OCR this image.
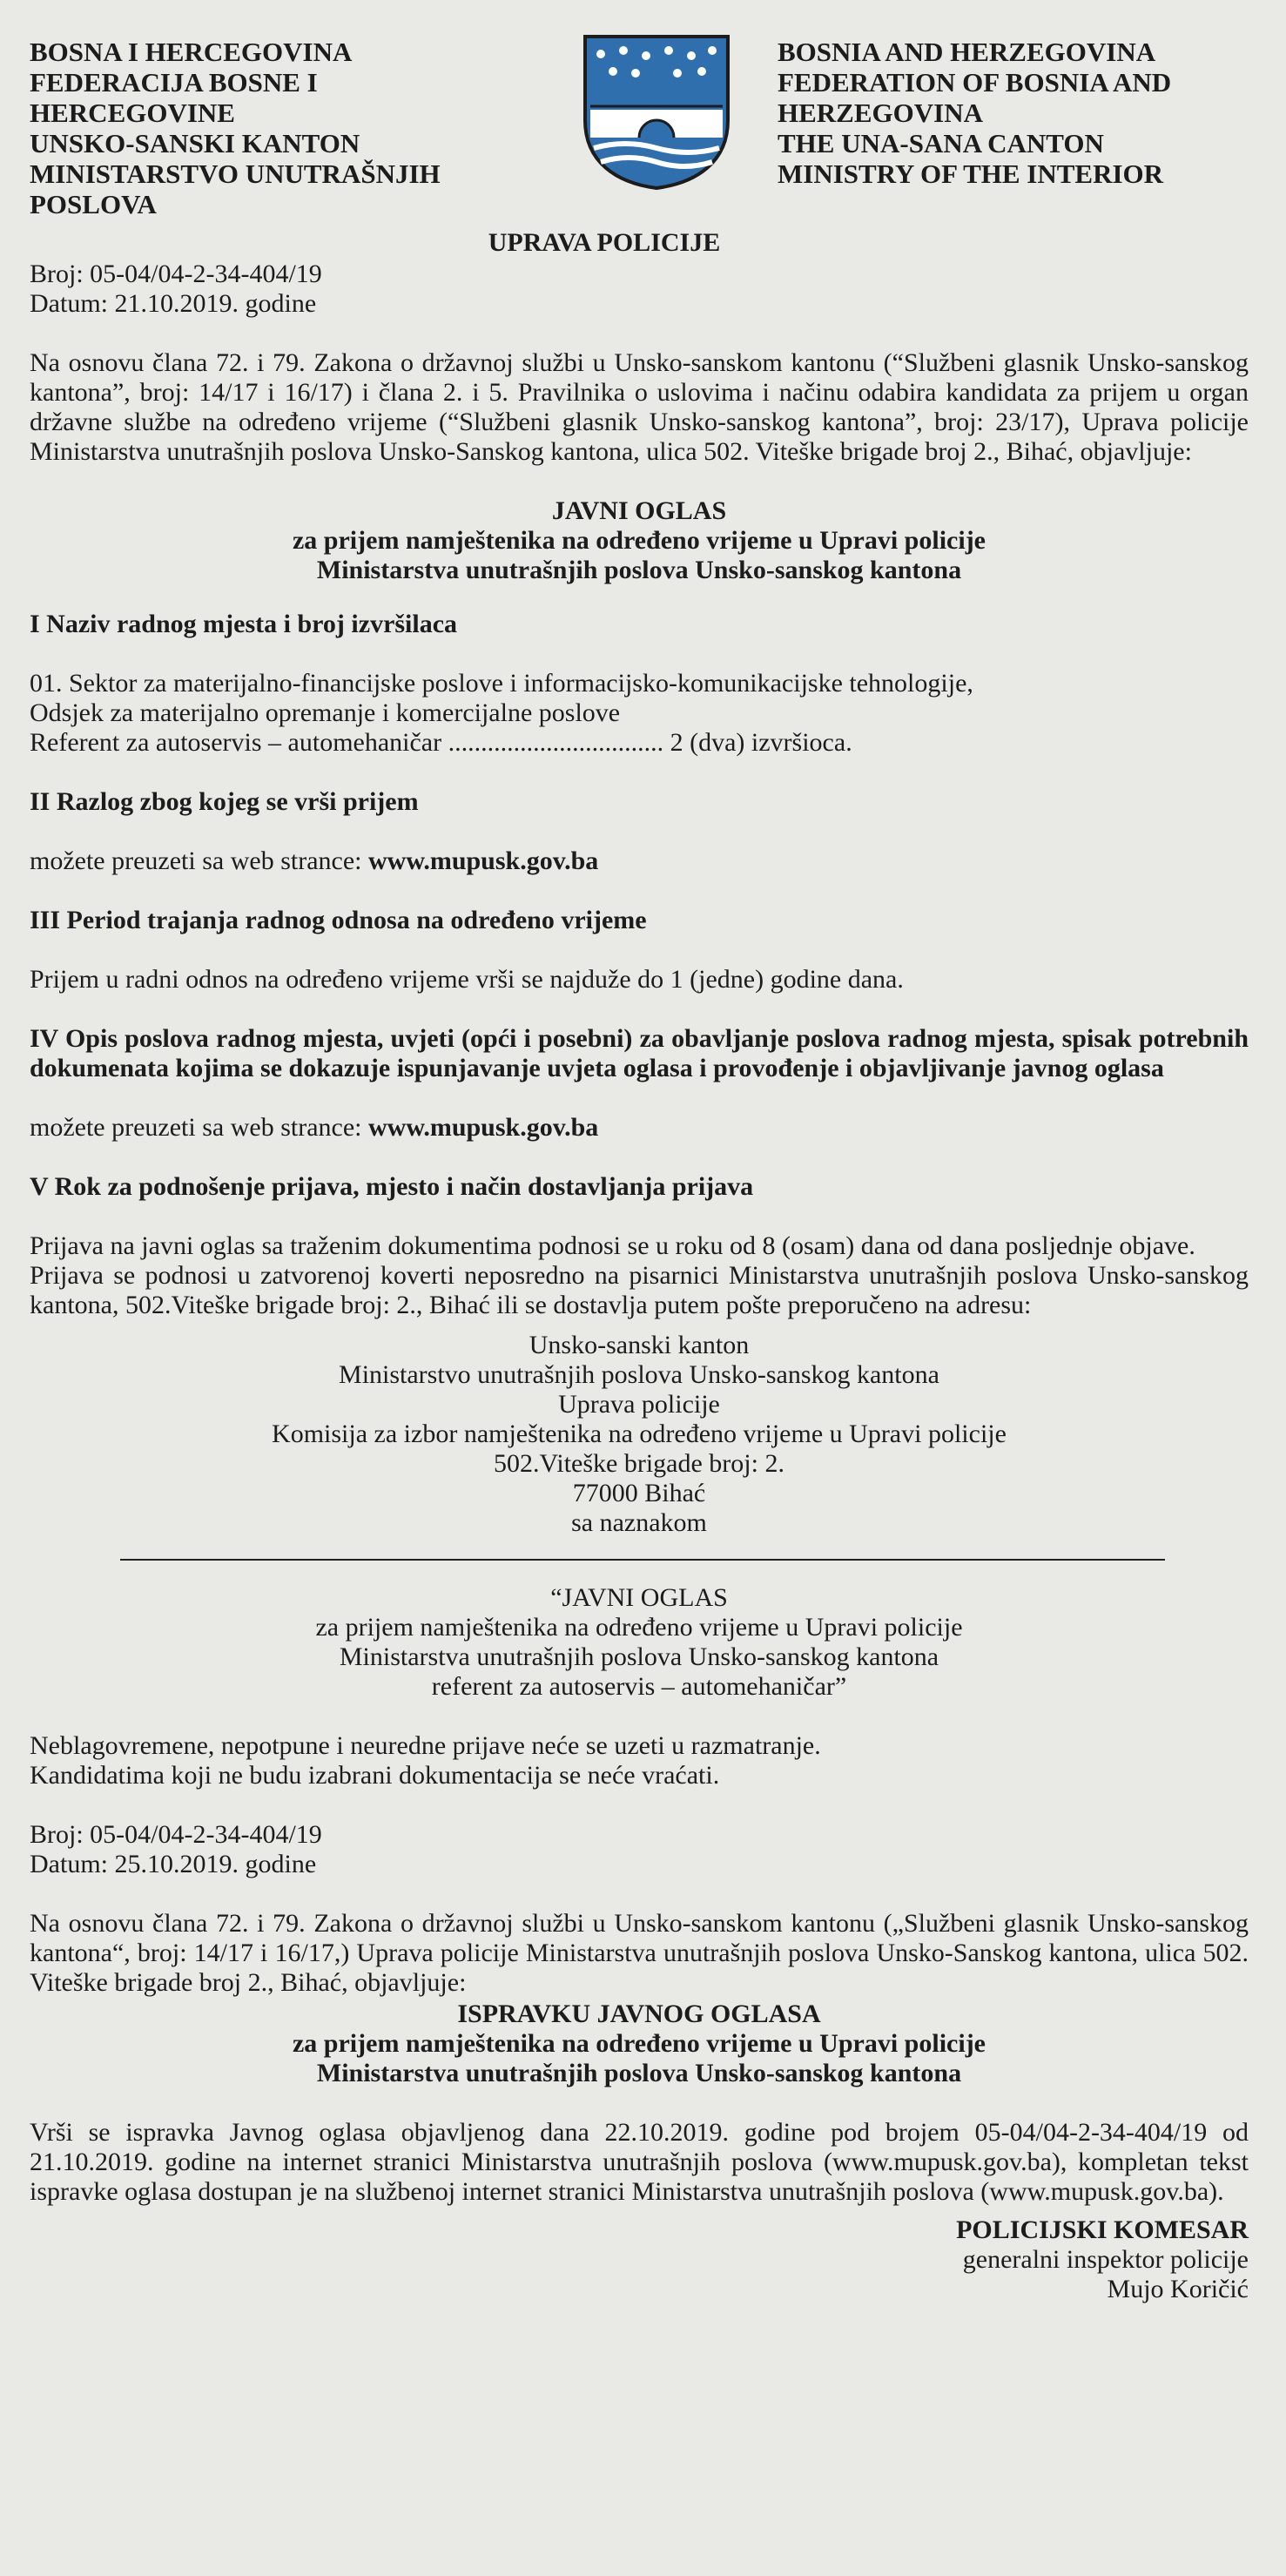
BOSNA I HERCEGOVINA
FEDERACIJA BOSNE I
HERCEGOVINE
UNSKO-SANSKI KANTON
MINISTARSTVO UNUTRAŠNJIH
POSLOVA
BOSNIA AND HERZEGOVINA
FEDERATION OF BOSNIA AND
HERZEGOVINA
THE UNA-SANA CANTON
MINISTRY OF THE INTERIOR

UPRAVA POLICIJE

Broj: 05-04/04-2-34-404/19

Datum: 21.10.2019. godine

Na osnovu člana 72. i 79. Zakona o državnoj službi u Unsko-sanskom kantonu (“Službeni glasnik Unsko-sanskog kantona”, broj: 14/17 i 16/17) i člana 2. i 5. Pravilnika o uslovima i načinu odabira kandidata za prijem u organ državne službe na određeno vrijeme (“Službeni glasnik Unsko-sanskog kantona”, broj: 23/17), Uprava policije Ministarstva unutrašnjih poslova Unsko-Sanskog kantona, ulica 502. Viteške brigade broj 2., Bihać, objavljuje:

JAVNI OGLAS

za prijem namještenika na određeno vrijeme u Upravi policije

Ministarstva unutrašnjih poslova Unsko-sanskog kantona

I Naziv radnog mjesta i broj izvršilaca

01. Sektor za materijalno-financijske poslove i informacijsko-komunikacijske tehnologije,
Odsjek za materijalno opremanje i komercijalne poslove
Referent za autoservis – automehaničar ................................. 2 (dva) izvršioca.

II Razlog zbog kojeg se vrši prijem

možete preuzeti sa web strance: www.mupusk.gov.ba

III Period trajanja radnog odnosa na određeno vrijeme

Prijem u radni odnos na određeno vrijeme vrši se najduže do 1 (jedne) godine dana.

IV Opis poslova radnog mjesta, uvjeti (opći i posebni) za obavljanje poslova radnog mjesta, spisak potrebnih dokumenata kojima se dokazuje ispunjavanje uvjeta oglasa i provođenje i objavljivanje javnog oglasa

možete preuzeti sa web strance: www.mupusk.gov.ba

V Rok za podnošenje prijava, mjesto i način dostavljanja prijava

Prijava na javni oglas sa traženim dokumentima podnosi se u roku od 8 (osam) dana od dana posljednje objave.

Prijava se podnosi u zatvorenoj koverti neposredno na pisarnici Ministarstva unutrašnjih poslova Unsko-sanskog kantona, 502.Viteške brigade broj: 2., Bihać ili se dostavlja putem pošte preporučeno na adresu:

Unsko-sanski kanton
Ministarstvo unutrašnjih poslova Unsko-sanskog kantona
Uprava policije
Komisija za izbor namještenika na određeno vrijeme u Upravi policije
502.Viteške brigade broj: 2.
77000 Bihać
sa naznakom

“JAVNI OGLAS
za prijem namještenika na određeno vrijeme u Upravi policije
Ministarstva unutrašnjih poslova Unsko-sanskog kantona
referent za autoservis – automehaničar”

Neblagovremene, nepotpune i neuredne prijave neće se uzeti u razmatranje.
Kandidatima koji ne budu izabrani dokumentacija se neće vraćati.

Broj: 05-04/04-2-34-404/19

Datum: 25.10.2019. godine

Na osnovu člana 72. i 79. Zakona o državnoj službi u Unsko-sanskom kantonu („Službeni glasnik Unsko-sanskog kantona“, broj: 14/17 i 16/17,) Uprava policije Ministarstva unutrašnjih poslova Unsko-Sanskog kantona, ulica 502. Viteške brigade broj 2., Bihać, objavljuje:

ISPRAVKU JAVNOG OGLASA

za prijem namještenika na određeno vrijeme u Upravi policije

Ministarstva unutrašnjih poslova Unsko-sanskog kantona

Vrši se ispravka Javnog oglasa objavljenog dana 22.10.2019. godine pod brojem 05-04/04-2-34-404/19 od 21.10.2019. godine na internet stranici Ministarstva unutrašnjih poslova (www.mupusk.gov.ba), kompletan tekst ispravke oglasa dostupan je na službenoj internet stranici Ministarstva unutrašnjih poslova (www.mupusk.gov.ba).

POLICIJSKI KOMESAR

generalni inspektor policije

Mujo Koričić
